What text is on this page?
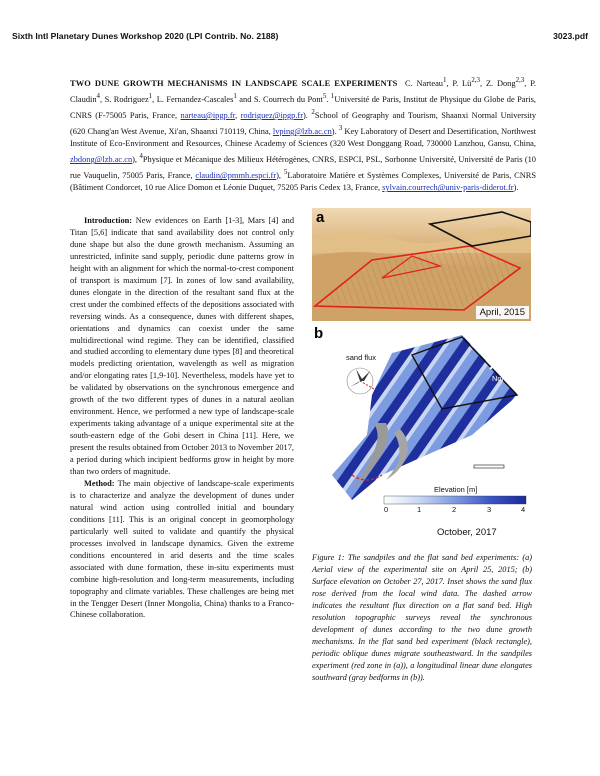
Sixth Intl Planetary Dunes Workshop 2020 (LPI Contrib. No. 2188)	3023.pdf
TWO DUNE GROWTH MECHANISMS IN LANDSCAPE SCALE EXPERIMENTS C. Narteau$^1$, P. Lü$^{2,3}$, Z. Dong$^{2,3}$, P. Claudin$^4$, S. Rodriguez$^1$, L. Fernandez-Cascales$^1$ and S. Courrech du Pont$^5$. $^1$Université de Paris, Institut de Physique du Globe de Paris, CNRS (F-75005 Paris, France, narteau@ipgp.fr, rodriguez@ipgp.fr). $^2$School of Geography and Tourism, Shaanxi Normal University (620 Chang'an West Avenue, Xi'an, Shaanxi 710119, China, lvping@lzb.ac.cn). $^3$ Key Laboratory of Desert and Desertification, Northwest Institute of Eco-Environment and Resources, Chinese Academy of Sciences (320 West Donggang Road, 730000 Lanzhou, Gansu, China, zbdong@lzb.ac.cn), $^4$Physique et Mécanique des Milieux Hétérogènes, CNRS, ESPCI, PSL, Sorbonne Université, Université de Paris (10 rue Vauquelin, 75005 Paris, France, claudin@pmmh.espci.fr), $^5$Laboratoire Matière et Systèmes Complexes, Université de Paris, CNRS (Bâtiment Condorcet, 10 rue Alice Domon et Léonie Duquet, 75205 Paris Cedex 13, France, sylvain.courrech@univ-paris-diderot.fr).

Introduction: New evidences on Earth [1-3], Mars [4] and Titan [5,6] indicate that sand availability does not control only dune shape but also the dune growth mechanism. Assuming an unrestricted, infinite sand supply, periodic dune patterns grow in height with an alignment for which the normal-to-crest component of transport is maximum [7]. In zones of low sand availability, dunes elongate in the direction of the resultant sand flux at the crest under the combined effects of the depositions associated with reversing winds. As a consequence, dunes with different shapes, orientations and dynamics can coexist under the same multidirectional wind regime. They can be identified, classified and studied according to elementary dune types [8] and theoretical models predicting orientation, wavelength as well as migration and/or elongating rates [1,9-10]. Nevertheless, models have yet to be validated by observations on the synchronous emergence and growth of the two different types of dunes in a natural aeolian environment. Hence, we performed a new type of landscape-scale experiments taking advantage of a unique experimental site at the south-eastern edge of the Gobi desert in China [11]. Here, we present the results obtained from October 2013 to November 2017, a period during which incipient bedforms grow in height by more than two orders of magnitude.

Method: The main objective of landscape-scale experiments is to characterize and analyze the development of dunes under natural wind action using controlled initial and boundary conditions [11]. This is an original concept in geomorphology particularly well suited to validate and quantify the physical processes involved in landscape dynamics. Given the extreme conditions encountered in arid deserts and the time scales associated with dune formation, these in-situ experiments must combine high-resolution and long-term measurements, including topography and climate variables. These challenges are being met in the Tengger Desert (Inner Mongolia, China) thanks to a Franco-Chinese collaboration.

a
April, 2015
b
sand flux
North
30 m
Elevation [m]
0	1	2	3	4
October, 2017
Figure 1: The sandpiles and the flat sand bed experiments: (a) Aerial view of the experimental site on April 25, 2015; (b) Surface elevation on October 27, 2017. Inset shows the sand flux rose derived from the local wind data. The dashed arrow indicates the resultant flux direction on a flat sand bed. High resolution topographic surveys reveal the synchronous development of dunes according to the two dune growth mechanisms. In the flat sand bed experiment (black rectangle), periodic oblique dunes migrate southeastward. In the sandpiles experiment (red zone in (a)), a longitudinal linear dune elongates southward (gray bedforms in (b)).
